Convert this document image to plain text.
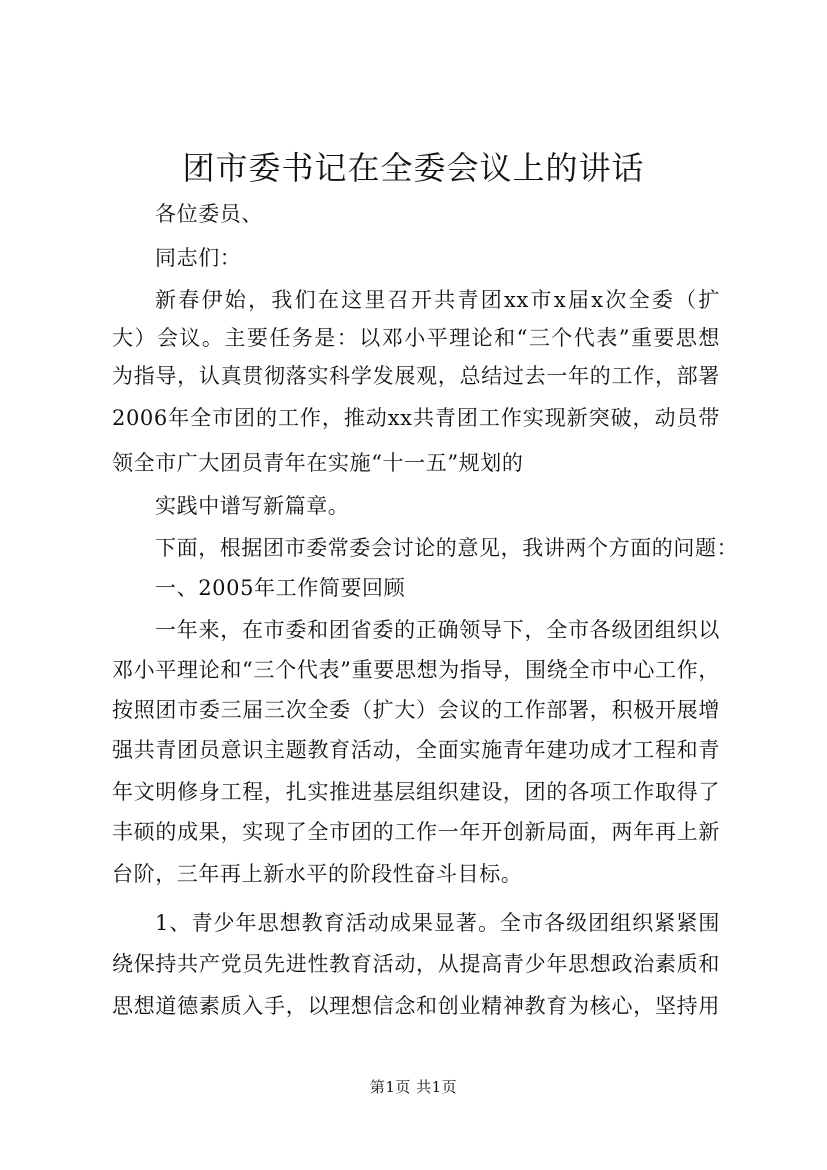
团市委书记在全委会议上的讲话
各位委员、
同志们：
新春伊始，我们在这里召开共青团xx市x届x次全委（扩
大）会议。主要任务是：以邓小平理论和“三个代表”重要思想
为指导，认真贯彻落实科学发展观，总结过去一年的工作，部署
2006年全市团的工作，推动xx共青团工作实现新突破，动员带
领全市广大团员青年在实施“十一五”规划的
实践中谱写新篇章。
下面，根据团市委常委会讨论的意见，我讲两个方面的问题：
一、2005年工作简要回顾
一年来，在市委和团省委的正确领导下，全市各级团组织以
邓小平理论和“三个代表”重要思想为指导，围绕全市中心工作，
按照团市委三届三次全委（扩大）会议的工作部署，积极开展增
强共青团员意识主题教育活动，全面实施青年建功成才工程和青
年文明修身工程，扎实推进基层组织建设，团的各项工作取得了
丰硕的成果，实现了全市团的工作一年开创新局面，两年再上新
台阶，三年再上新水平的阶段性奋斗目标。
1、青少年思想教育活动成果显著。全市各级团组织紧紧围
绕保持共产党员先进性教育活动，从提高青少年思想政治素质和
思想道德素质入手，以理想信念和创业精神教育为核心，坚持用
第1页 共1页
